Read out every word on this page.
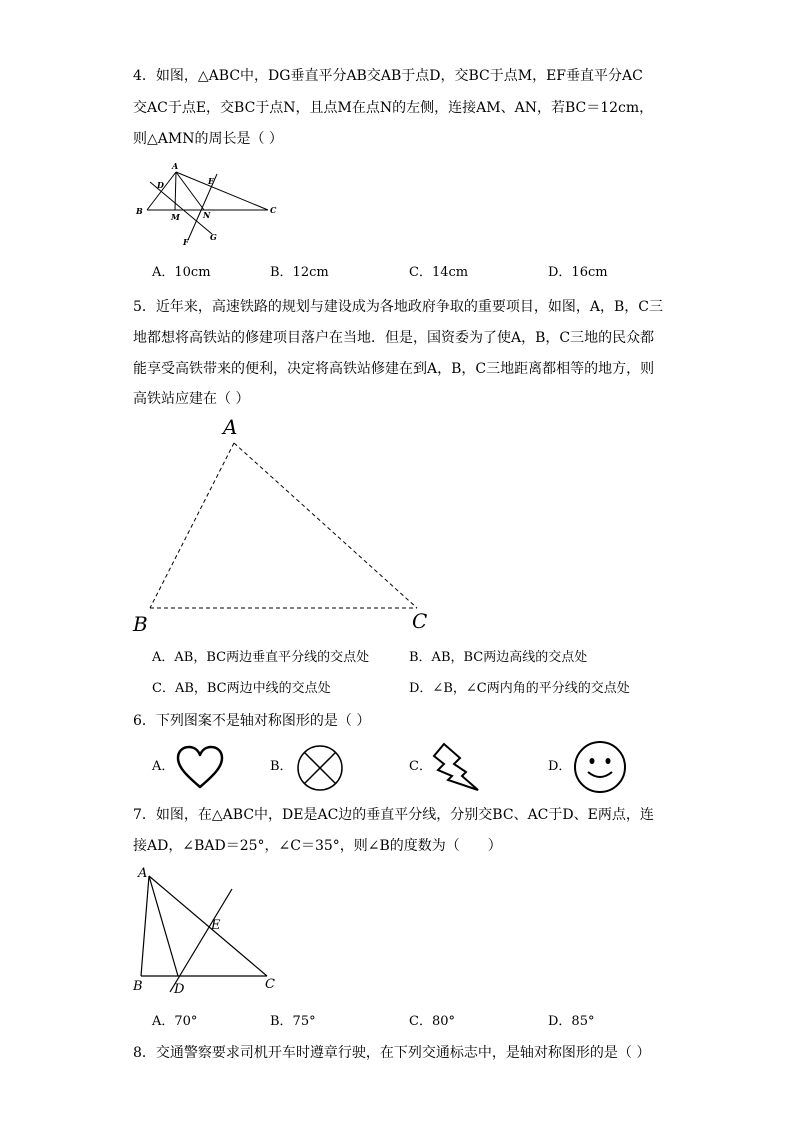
4．如图，△ABC中，DG垂直平分AB交AB于点D，交BC于点M，EF垂直平分AC
交AC于点E，交BC于点N，且点M在点N的左侧，连接AM、AN，若BC＝12cm，
则△AMN的周长是（ ）
A
B	C
D	E
F	G
M	N
A．10cm	B．12cm	C．14cm	D．16cm
5．近年来，高速铁路的规划与建设成为各地政府争取的重要项目，如图，A，B，C三
地都想将高铁站的修建项目落户在当地．但是，国资委为了使A，B，C三地的民众都
能享受高铁带来的便利，决定将高铁站修建在到A，B，C三地距离都相等的地方，则
高铁站应建在（ ）
A
B	C
A．AB，BC两边垂直平分线的交点处	B．AB，BC两边高线的交点处
C．AB，BC两边中线的交点处	D．∠B，∠C两内角的平分线的交点处
6．下列图案不是轴对称图形的是（ ）
A．	B．	C．	D．
7．如图，在△ABC中，DE是AC边的垂直平分线，分别交BC、AC于D、E两点，连
接AD，∠BAD＝25°，∠C＝35°，则∠B的度数为（　　）
A
B	C
D
E
A．70°	B．75°	C．80°	D．85°
8．交通警察要求司机开车时遵章行驶，在下列交通标志中，是轴对称图形的是（ ）
